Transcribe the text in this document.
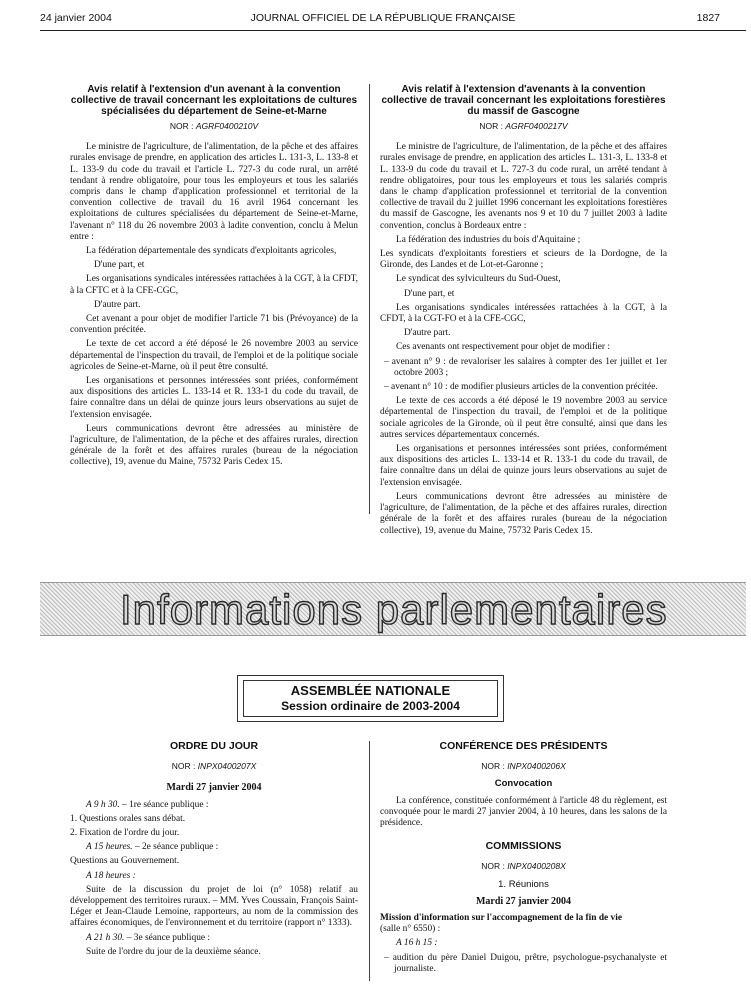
24 janvier 2004	JOURNAL OFFICIEL DE LA RÉPUBLIQUE FRANÇAISE	1827
Avis relatif à l'extension d'un avenant à la convention collective de travail concernant les exploitations de cultures spécialisées du département de Seine-et-Marne
NOR : AGRF0400210V

Le ministre de l'agriculture, de l'alimentation, de la pêche et des affaires rurales envisage de prendre, en application des articles L. 131-3, L. 133-8 et L. 133-9 du code du travail et l'article L. 727-3 du code rural, un arrêté tendant à rendre obligatoire, pour tous les employeurs et tous les salariés compris dans le champ d'application professionnel et territorial de la convention collective de travail du 16 avril 1964 concernant les exploitations de cultures spécialisées du département de Seine-et-Marne, l'avenant n° 118 du 26 novembre 2003 à ladite convention, conclu à Melun entre :

La fédération départementale des syndicats d'exploitants agricoles,

D'une part, et

Les organisations syndicales intéressées rattachées à la CGT, à la CFDT, à la CFTC et à la CFE-CGC,

D'autre part.

Cet avenant a pour objet de modifier l'article 71 bis (Prévoyance) de la convention précitée.

Le texte de cet accord a été déposé le 26 novembre 2003 au service départemental de l'inspection du travail, de l'emploi et de la politique sociale agricoles de Seine-et-Marne, où il peut être consulté.

Les organisations et personnes intéressées sont priées, conformément aux dispositions des articles L. 133-14 et R. 133-1 du code du travail, de faire connaître dans un délai de quinze jours leurs observations au sujet de l'extension envisagée.

Leurs communications devront être adressées au ministère de l'agriculture, de l'alimentation, de la pêche et des affaires rurales, direction générale de la forêt et des affaires rurales (bureau de la négociation collective), 19, avenue du Maine, 75732 Paris Cedex 15.

Avis relatif à l'extension d'avenants à la convention collective de travail concernant les exploitations forestières du massif de Gascogne
NOR : AGRF0400217V

Le ministre de l'agriculture, de l'alimentation, de la pêche et des affaires rurales envisage de prendre, en application des articles L. 131-3, L. 133-8 et L. 133-9 du code du travail et L. 727-3 du code rural, un arrêté tendant à rendre obligatoires, pour tous les employeurs et tous les salariés compris dans le champ d'application professionnel et territorial de la convention collective de travail du 2 juillet 1996 concernant les exploitations forestières du massif de Gascogne, les avenants nos 9 et 10 du 7 juillet 2003 à ladite convention, conclus à Bordeaux entre :

La fédération des industries du bois d'Aquitaine ;

Les syndicats d'exploitants forestiers et scieurs de la Dordogne, de la Gironde, des Landes et de Lot-et-Garonne ;

Le syndicat des sylviculteurs du Sud-Ouest,

D'une part, et

Les organisations syndicales intéressées rattachées à la CGT, à la CFDT, à la CGT-FO et à la CFE-CGC,

D'autre part.

Ces avenants ont respectivement pour objet de modifier :

– avenant n° 9 : de revaloriser les salaires à compter des 1er juillet et 1er octobre 2003 ;

– avenant n° 10 : de modifier plusieurs articles de la convention précitée.

Le texte de ces accords a été déposé le 19 novembre 2003 au service départemental de l'inspection du travail, de l'emploi et de la politique sociale agricoles de la Gironde, où il peut être consulté, ainsi que dans les autres services départementaux concernés.

Les organisations et personnes intéressées sont priées, conformément aux dispositions des articles L. 133-14 et R. 133-1 du code du travail, de faire connaître dans un délai de quinze jours leurs observations au sujet de l'extension envisagée.

Leurs communications devront être adressées au ministère de l'agriculture, de l'alimentation, de la pêche et des affaires rurales, direction générale de la forêt et des affaires rurales (bureau de la négociation collective), 19, avenue du Maine, 75732 Paris Cedex 15.

Informations parlementaires
ASSEMBLÉE NATIONALE
Session ordinaire de 2003-2004
ORDRE DU JOUR
NOR : INPX0400207X
Mardi 27 janvier 2004

A 9 h 30. – 1re séance publique :

1. Questions orales sans débat.

2. Fixation de l'ordre du jour.

A 15 heures. – 2e séance publique :

Questions au Gouvernement.

A 18 heures :

Suite de la discussion du projet de loi (n° 1058) relatif au développement des territoires ruraux. – MM. Yves Coussain, François Saint-Léger et Jean-Claude Lemoine, rapporteurs, au nom de la commission des affaires économiques, de l'environnement et du territoire (rapport n° 1333).

A 21 h 30. – 3e séance publique :

Suite de l'ordre du jour de la deuxième séance.

CONFÉRENCE DES PRÉSIDENTS
NOR : INPX0400206X
Convocation

La conférence, constituée conformément à l'article 48 du règlement, est convoquée pour le mardi 27 janvier 2004, à 10 heures, dans les salons de la présidence.

COMMISSIONS
NOR : INPX0400208X
1. Réunions
Mardi 27 janvier 2004

Mission d'information sur l'accompagnement de la fin de vie

(salle n° 6550) :

A 16 h 15 :

– audition du père Daniel Duigou, prêtre, psychologue-psychanalyste et journaliste.
